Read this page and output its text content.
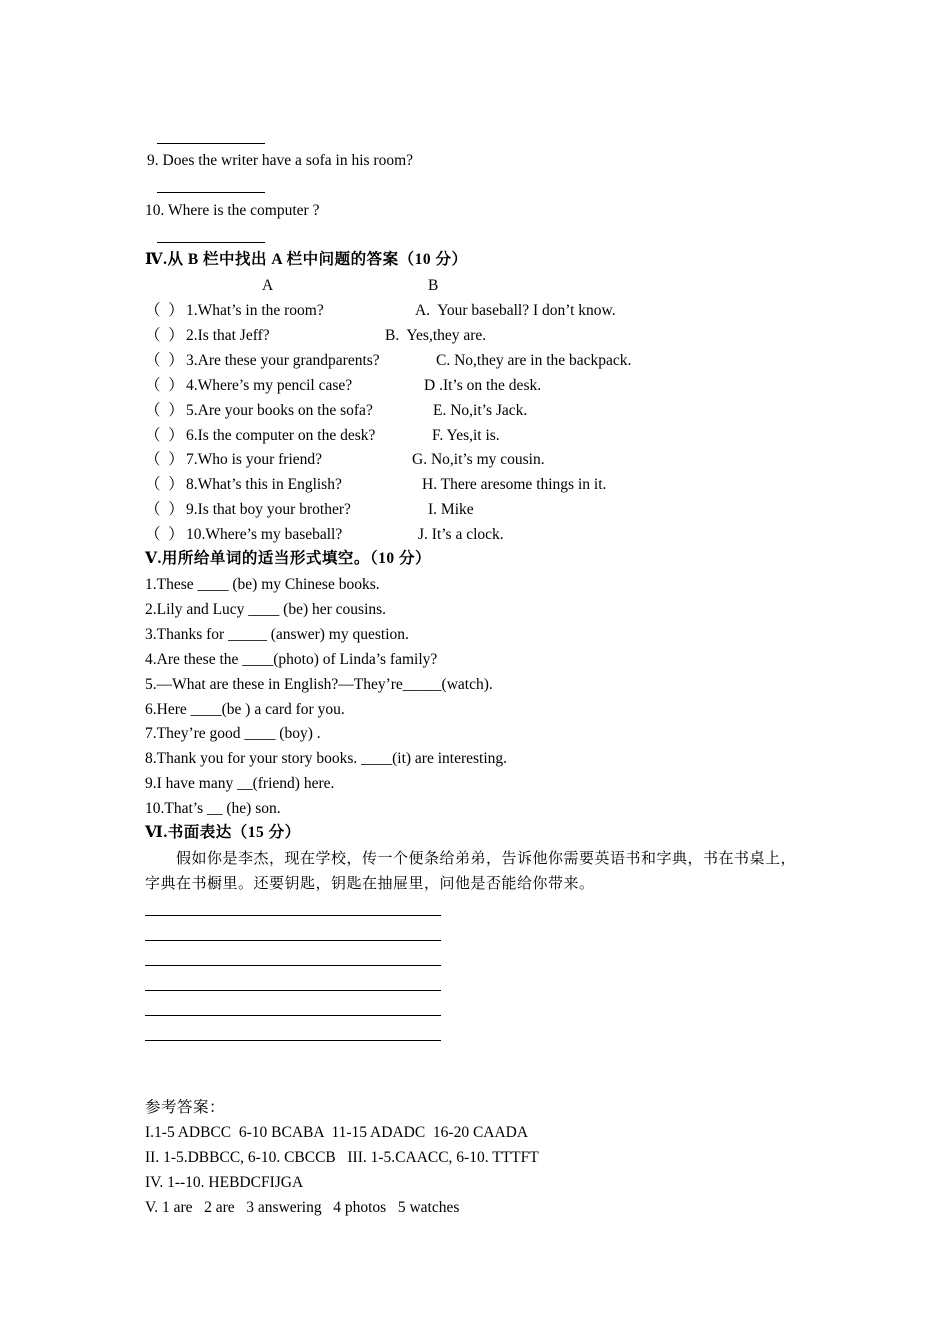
9. Does the writer have a sofa in his room?
10. Where is the computer ?
Ⅳ.从 B 栏中找出 A 栏中问题的答案（10 分）
A	B
（  ） 1.What’s in the room?	A.  Your baseball? I don’t know.
（  ） 2.Is that Jeff?	B.  Yes,they are.
（  ） 3.Are these your grandparents?	C. No,they are in the backpack.
（  ） 4.Where’s my pencil case?	D .It’s on the desk.
（  ） 5.Are your books on the sofa?	E. No,it’s Jack.
（  ） 6.Is the computer on the desk?	F. Yes,it is.
（  ） 7.Who is your friend?	G. No,it’s my cousin.
（  ） 8.What’s this in English?	H. There aresome things in it.
（  ） 9.Is that boy your brother?	I. Mike
（  ） 10.Where’s my baseball?	J. It’s a clock.
Ⅴ.用所给单词的适当形式填空。（10 分）
1.These ____ (be) my Chinese books.
2.Lily and Lucy ____ (be) her cousins.
3.Thanks for _____ (answer) my question.
4.Are these the ____(photo) of Linda’s family?
5.—What are these in English?—They’re_____(watch).
6.Here ____(be ) a card for you.
7.They’re good ____ (boy) .
8.Thank you for your story books. ____(it) are interesting.
9.I have many __(friend) here.
10.That’s __ (he) son.
Ⅵ.书面表达（15 分）
假如你是李杰，现在学校，传一个便条给弟弟，告诉他你需要英语书和字典，书在书桌上，
字典在书橱里。还要钥匙，钥匙在抽屉里，问他是否能给你带来。
参考答案：
I.1-5 ADBCC  6-10 BCABA  11-15 ADADC  16-20 CAADA
II. 1-5.DBBCC, 6-10. CBCCB   III. 1-5.CAACC, 6-10. TTTFT
IV. 1--10. HEBDCFIJGA
V. 1 are   2 are   3 answering   4 photos   5 watches
